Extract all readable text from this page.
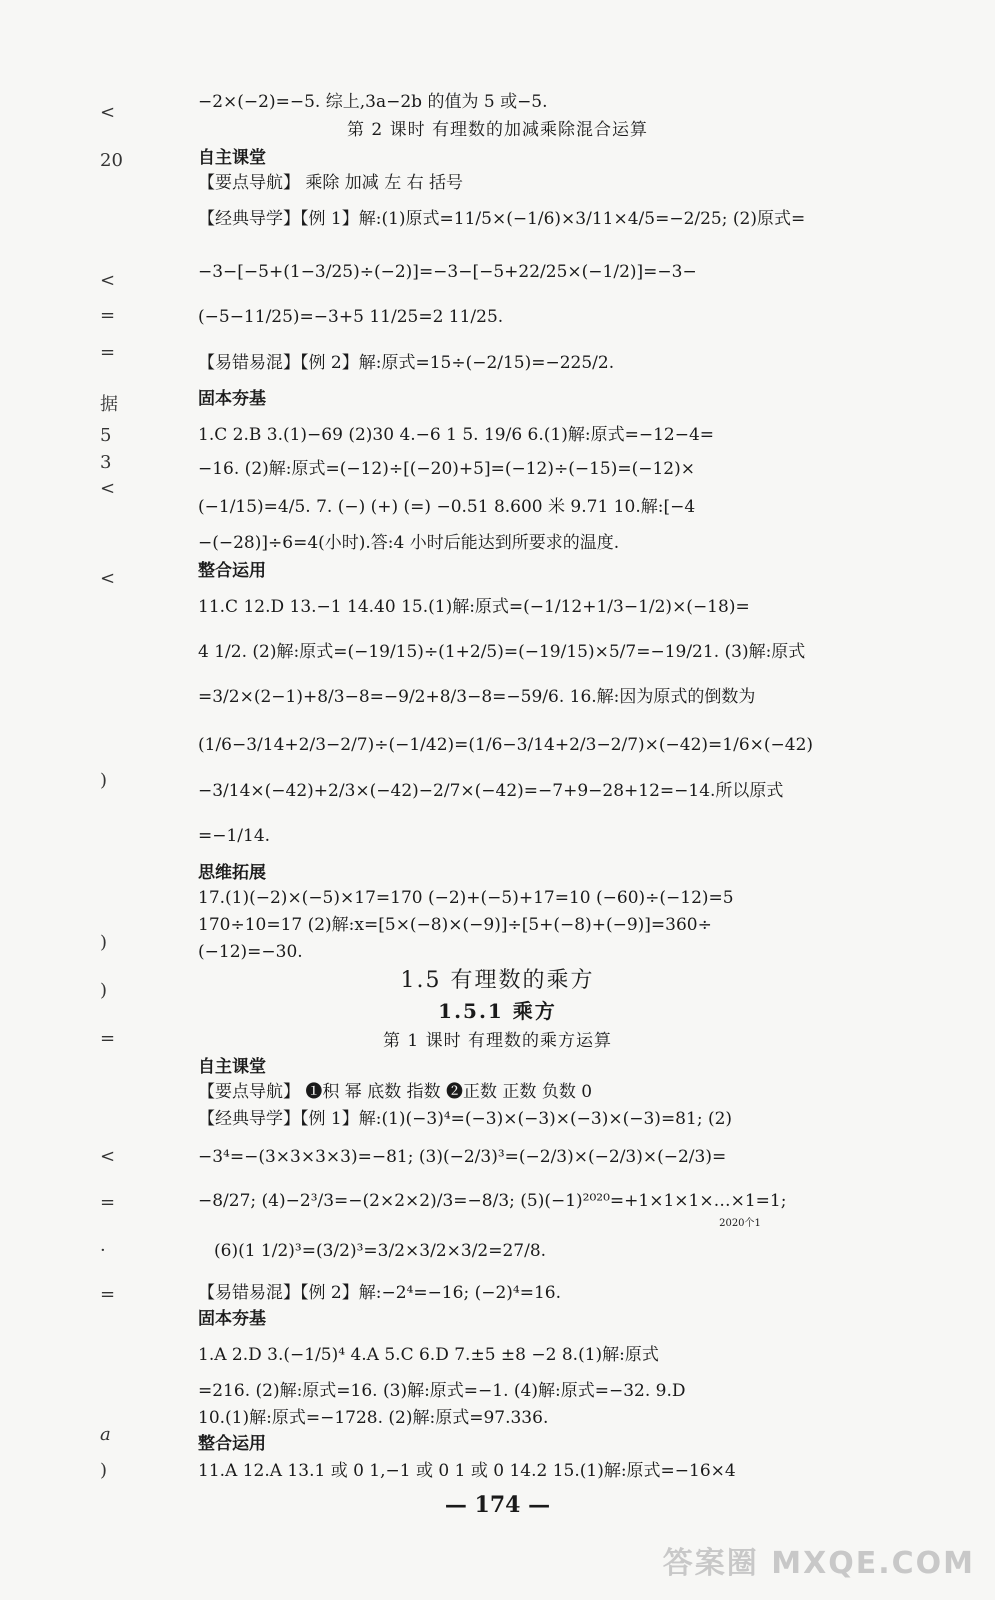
<
20
<
=
=
据
5
3
<
<
)
)
)
=
<
=
·
=
a
)
−2×(−2)=−5. 综上,3a−2b 的值为 5 或−5.
第 2 课时 有理数的加减乘除混合运算
自主课堂
【要点导航】 乘除 加减 左 右 括号
【经典导学】【例 1】解:(1)原式=11/5×(−1/6)×3/11×4/5=−2/25; (2)原式=
−3−[−5+(1−3/25)÷(−2)]=−3−[−5+22/25×(−1/2)]=−3−
(−5−11/25)=−3+5 11/25=2 11/25.
【易错易混】【例 2】解:原式=15÷(−2/15)=−225/2.
固本夯基
1.C 2.B 3.(1)−69 (2)30 4.−6 1 5. 19/6 6.(1)解:原式=−12−4=
−16. (2)解:原式=(−12)÷[(−20)+5]=(−12)÷(−15)=(−12)×
(−1/15)=4/5. 7. (−) (+) (=) −0.51 8.600 米 9.71 10.解:[−4
−(−28)]÷6=4(小时).答:4 小时后能达到所要求的温度.
整合运用
11.C 12.D 13.−1 14.40 15.(1)解:原式=(−1/12+1/3−1/2)×(−18)=
4 1/2. (2)解:原式=(−19/15)÷(1+2/5)=(−19/15)×5/7=−19/21. (3)解:原式
=3/2×(2−1)+8/3−8=−9/2+8/3−8=−59/6. 16.解:因为原式的倒数为
(1/6−3/14+2/3−2/7)÷(−1/42)=(1/6−3/14+2/3−2/7)×(−42)=1/6×(−42)
−3/14×(−42)+2/3×(−42)−2/7×(−42)=−7+9−28+12=−14.所以原式
=−1/14.
思维拓展
17.(1)(−2)×(−5)×17=170 (−2)+(−5)+17=10 (−60)÷(−12)=5
170÷10=17 (2)解:x=[5×(−8)×(−9)]÷[5+(−8)+(−9)]=360÷
(−12)=−30.
1.5 有理数的乘方
1.5.1 乘方
第 1 课时 有理数的乘方运算
自主课堂
【要点导航】 ❶积 幂 底数 指数 ❷正数 正数 负数 0
【经典导学】【例 1】解:(1)(−3)⁴=(−3)×(−3)×(−3)×(−3)=81; (2)
−3⁴=−(3×3×3×3)=−81; (3)(−2/3)³=(−2/3)×(−2/3)×(−2/3)=
−8/27; (4)−2³/3=−(2×2×2)/3=−8/3; (5)(−1)²⁰²⁰=+1×1×1×…×1=1;
2020个1
(6)(1 1/2)³=(3/2)³=3/2×3/2×3/2=27/8.
【易错易混】【例 2】解:−2⁴=−16; (−2)⁴=16.
固本夯基
1.A 2.D 3.(−1/5)⁴ 4.A 5.C 6.D 7.±5 ±8 −2 8.(1)解:原式
=216. (2)解:原式=16. (3)解:原式=−1. (4)解:原式=−32. 9.D
10.(1)解:原式=−1728. (2)解:原式=97.336.
整合运用
11.A 12.A 13.1 或 0 1,−1 或 0 1 或 0 14.2 15.(1)解:原式=−16×4
— 174 —
答案圈 MXQE.COM
